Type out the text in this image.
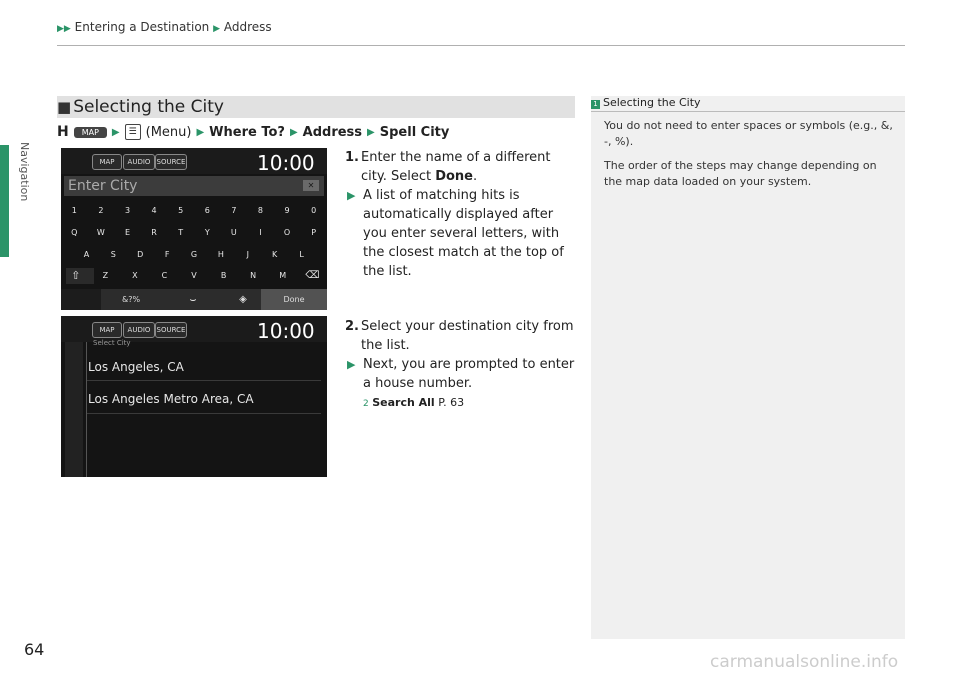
Navigation
▶▶ Entering a Destination ▶ Address
■ Selecting the City
H	MAP	▶ ☰ (Menu) ▶ Where To? ▶ Address ▶ Spell City
MAP	AUDIO SOURCE	10:00
Enter City	✕
1	2	3	4	5	6	7	8	9	0
Q	W	E	R	T	Y	U	I	O	P
A	S	D	F	G	H	J	K	L
⇧	Z	X	C	V	B	N	M	⌫
&?%	⌣	◈	Done
MAP	AUDIO SOURCE	10:00
Select City
Los Angeles, CA
Los Angeles Metro Area, CA
1. Enter the name of a different city. Select Done.
▶ A list of matching hits is automatically displayed after you enter several letters, with the closest match at the top of the list.
2. Select your destination city from the list.
▶ Next, you are prompted to enter a house number.
2 Search All P. 63
1 Selecting the City

You do not need to enter spaces or symbols (e.g., &, -, %).

The order of the steps may change depending on the map data loaded on your system.

64
carmanualsonline.info
